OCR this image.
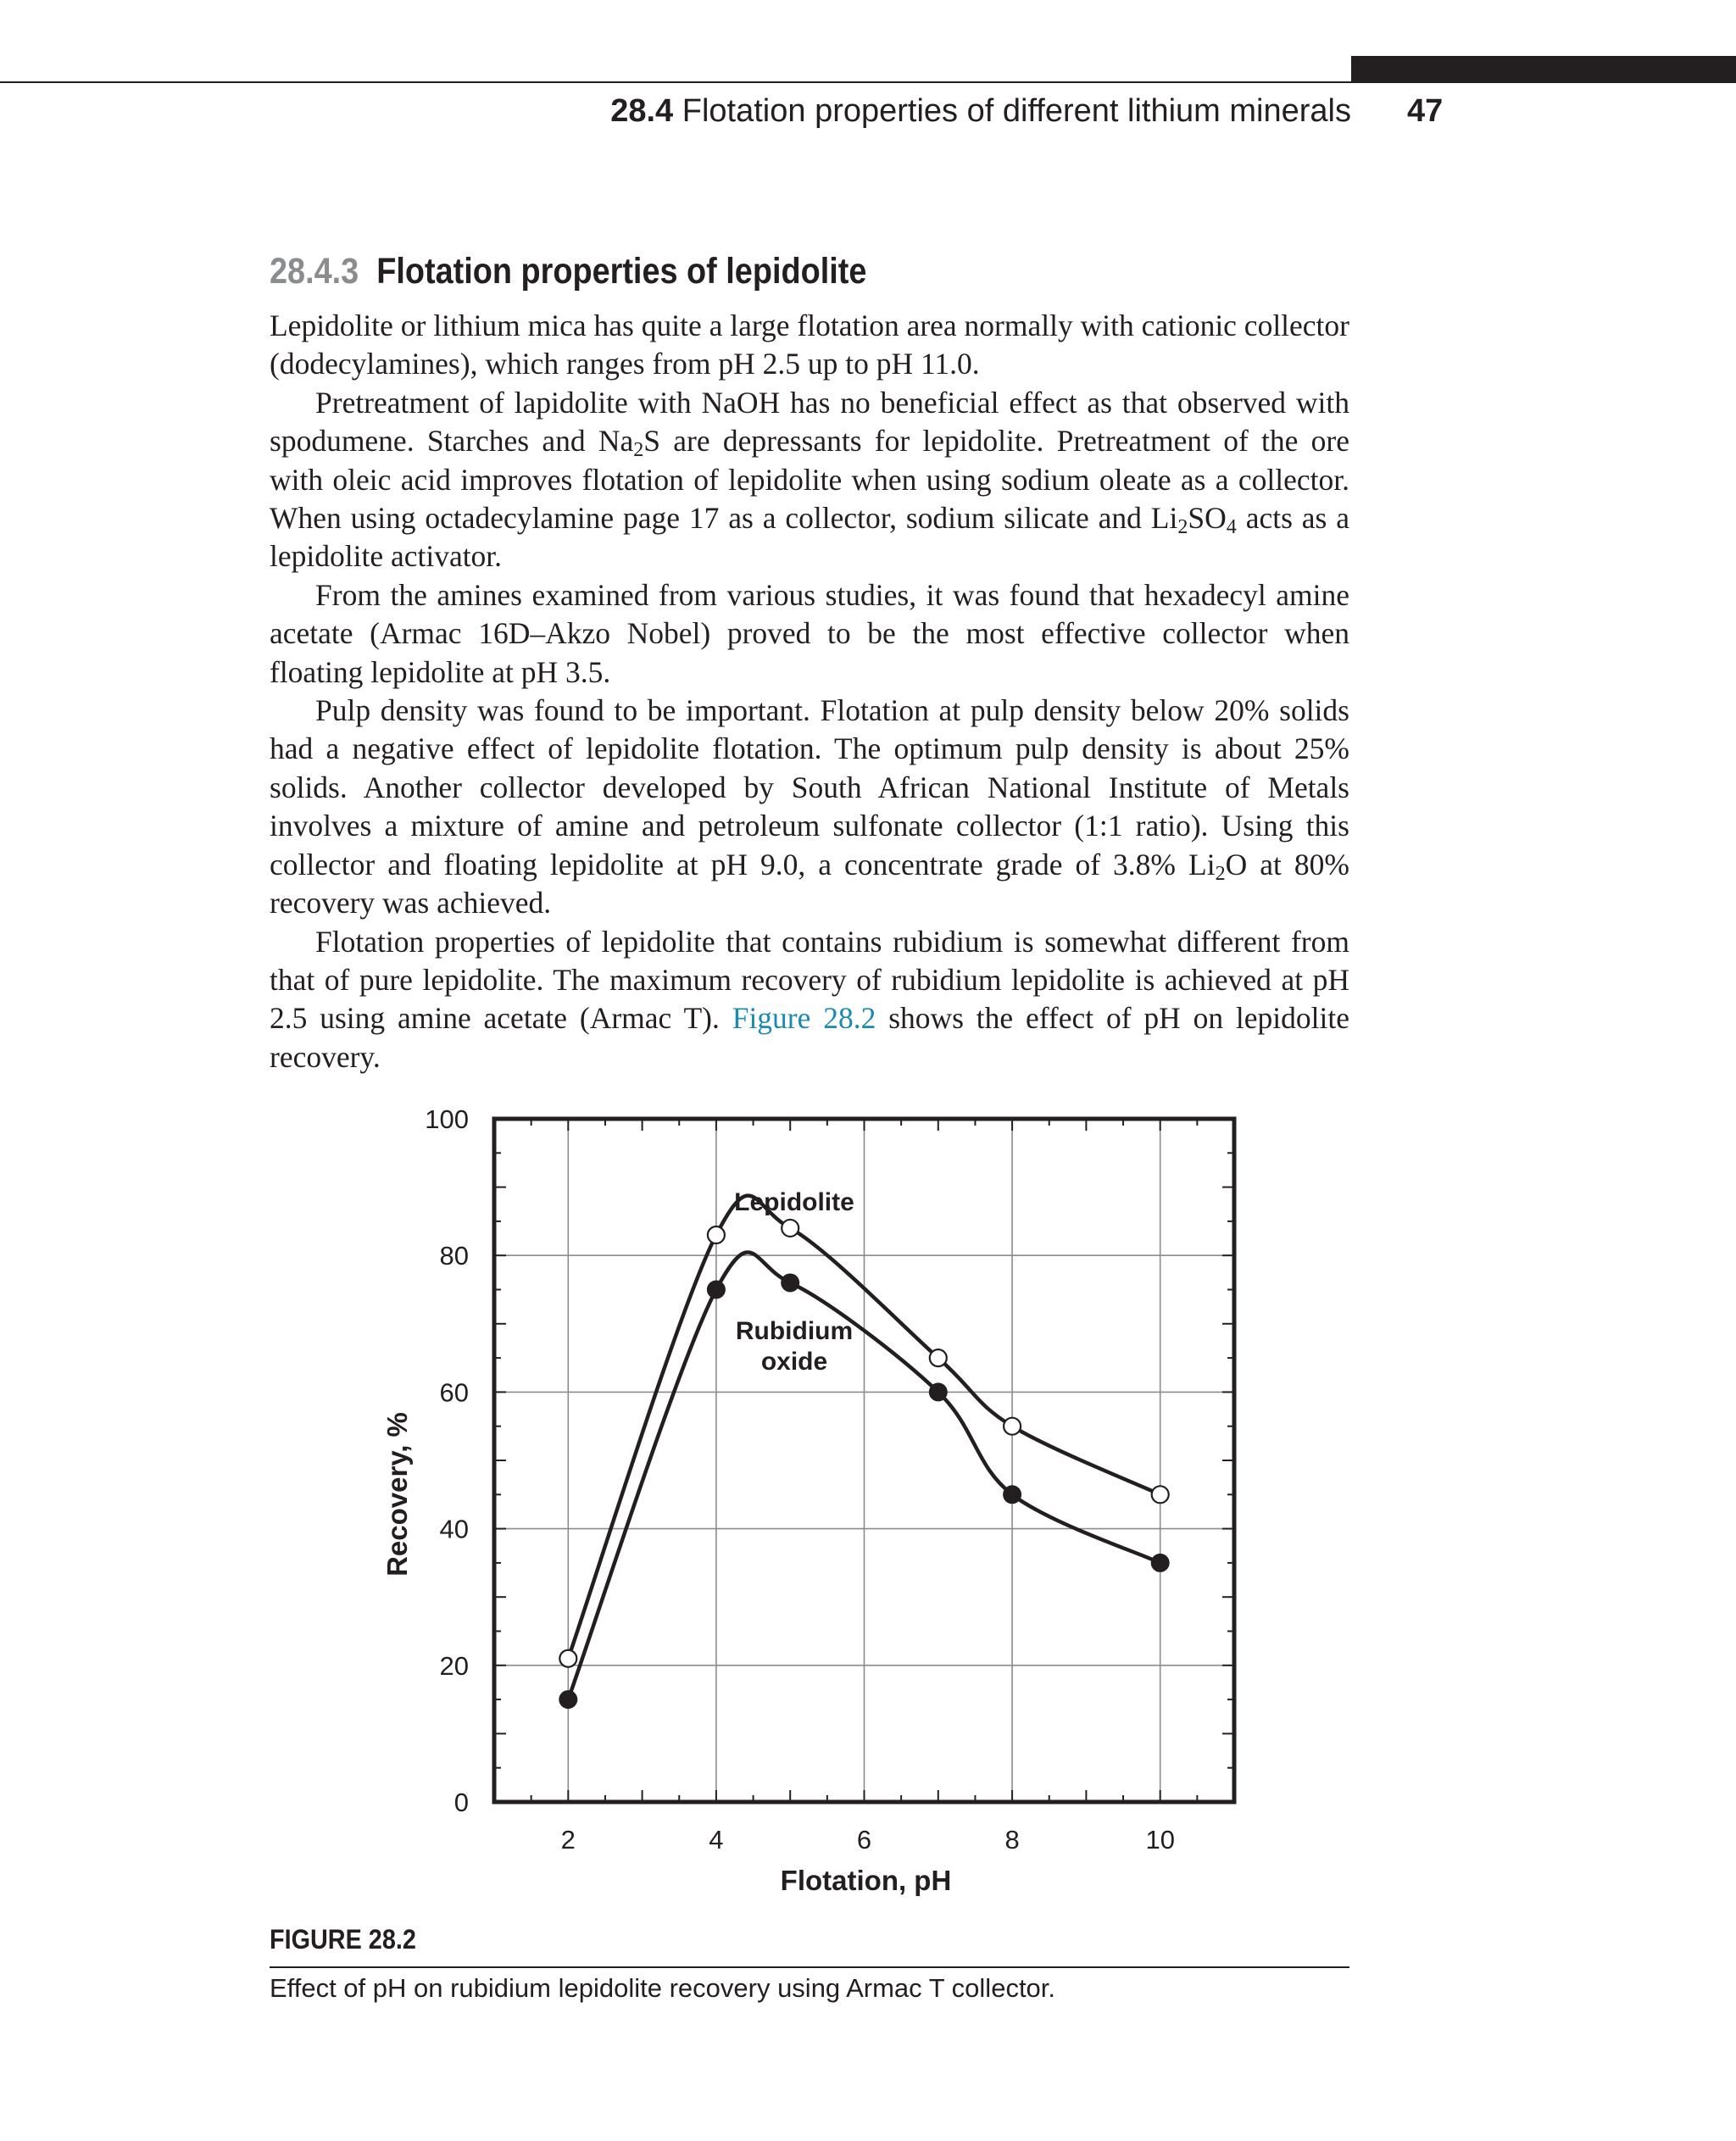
28.4 Flotation properties of different lithium minerals 47
28.4.3 Flotation properties of lepidolite

Lepidolite or lithium mica has quite a large flotation area normally with cationic collector (dodecylamines), which ranges from pH 2.5 up to pH 11.0.

Pretreatment of lapidolite with NaOH has no beneficial effect as that observed with spodumene. Starches and $Na_2S$ are depressants for lepidolite. Pretreatment of the ore with oleic acid improves flotation of lepidolite when using sodium oleate as a collector. When using octadecylamine page 17 as a collector, sodium silicate and $Li_2SO_4$ acts as a lepidolite activator.

From the amines examined from various studies, it was found that hexadecyl amine acetate (Armac 16D–Akzo Nobel) proved to be the most effective collector when floating lepidolite at pH 3.5.

Pulp density was found to be important. Flotation at pulp density below 20% solids had a negative effect of lepidolite flotation. The optimum pulp density is about 25% solids. Another collector developed by South African National Institute of Metals involves a mixture of amine and petroleum sulfonate collector (1:1 ratio). Using this collector and floating lepidolite at pH 9.0, a concentrate grade of 3.8% $Li_2O$ at 80% recovery was achieved.

Flotation properties of lepidolite that contains rubidium is somewhat different from that of pure lepidolite. The maximum recovery of rubidium lepidolite is achieved at pH 2.5 using amine acetate (Armac T). Figure 28.2 shows the effect of pH on lepidolite recovery.

0
20
40
60
80
100
2	4	6	8	10
Flotation, pH
Recovery, %
Lepidolite
Rubidium
oxide
FIGURE 28.2
Effect of pH on rubidium lepidolite recovery using Armac T collector.
